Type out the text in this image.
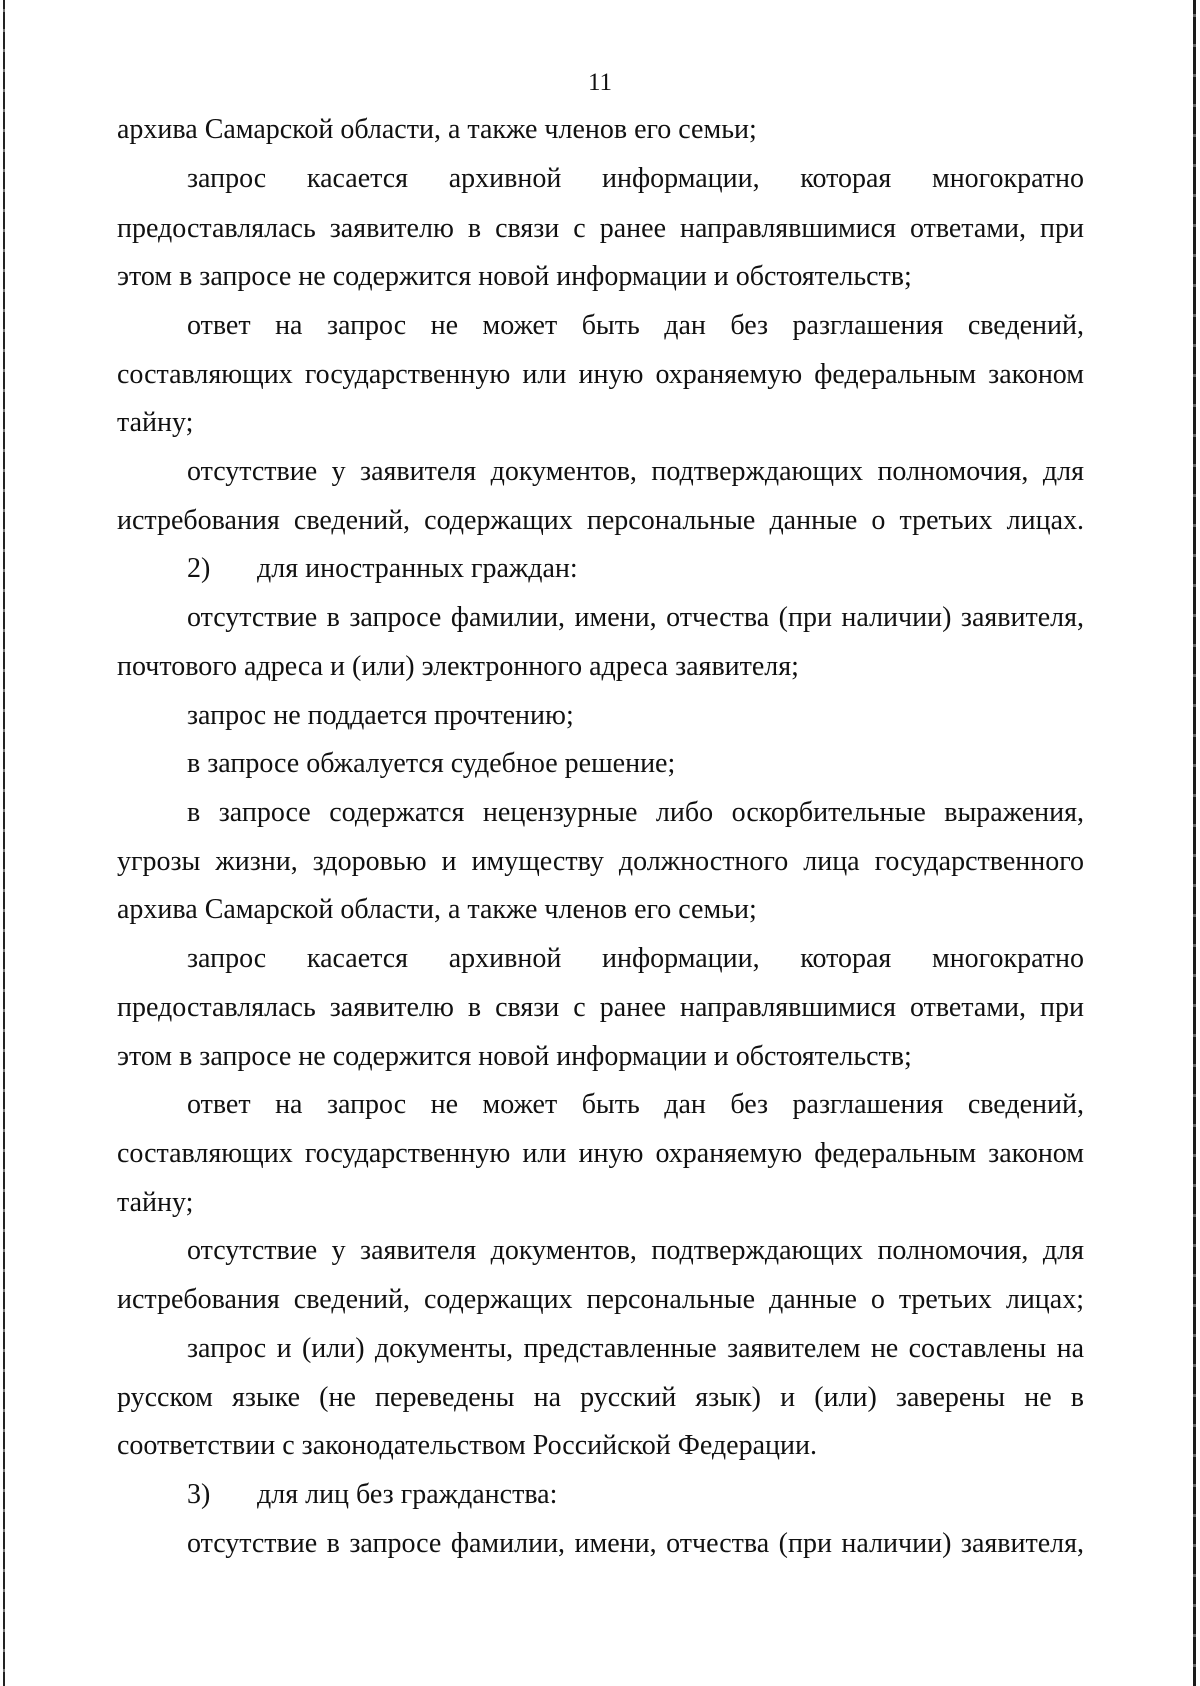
11
архива Самарской области, а также членов его семьи;
запрос касается архивной информации, которая многократно
предоставлялась заявителю в связи с ранее направлявшимися ответами, при
этом в запросе не содержится новой информации и обстоятельств;
ответ на запрос не может быть дан без разглашения сведений,
составляющих государственную или иную охраняемую федеральным законом
тайну;
отсутствие у заявителя документов, подтверждающих полномочия, для
истребования сведений, содержащих персональные данные о третьих лицах.
2) для иностранных граждан:
отсутствие в запросе фамилии, имени, отчества (при наличии) заявителя,
почтового адреса и (или) электронного адреса заявителя;
запрос не поддается прочтению;
в запросе обжалуется судебное решение;
в запросе содержатся нецензурные либо оскорбительные выражения,
угрозы жизни, здоровью и имуществу должностного лица государственного
архива Самарской области, а также членов его семьи;
запрос касается архивной информации, которая многократно
предоставлялась заявителю в связи с ранее направлявшимися ответами, при
этом в запросе не содержится новой информации и обстоятельств;
ответ на запрос не может быть дан без разглашения сведений,
составляющих государственную или иную охраняемую федеральным законом
тайну;
отсутствие у заявителя документов, подтверждающих полномочия, для
истребования сведений, содержащих персональные данные о третьих лицах;
запрос и (или) документы, представленные заявителем не составлены на
русском языке (не переведены на русский язык) и (или) заверены не в
соответствии с законодательством Российской Федерации.
3) для лиц без гражданства:
отсутствие в запросе фамилии, имени, отчества (при наличии) заявителя,
